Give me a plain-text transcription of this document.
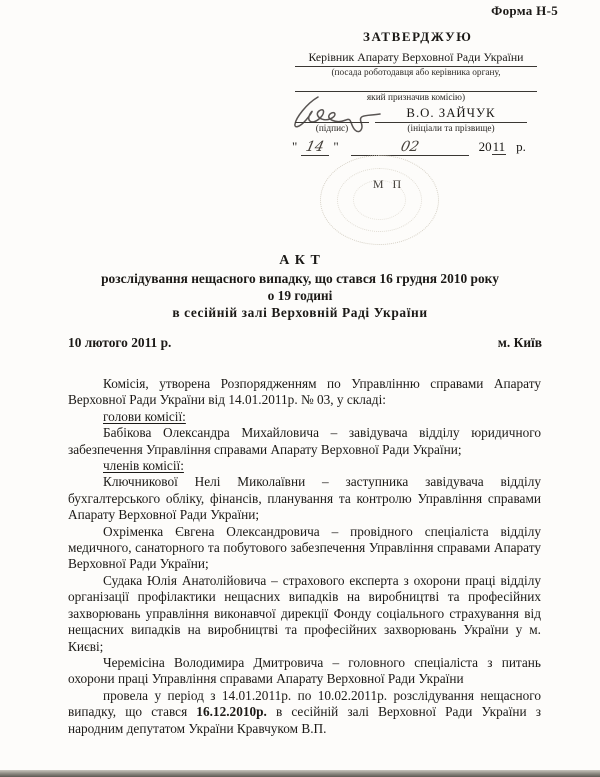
Форма Н-5
ЗАТВЕРДЖУЮ
Керівник Апарату Верховної Ради України
(посада роботодавця або керівника органу,
який призначив комісію)
В.О. ЗАЙЧУК
(підпис)	(ініціали та прізвище)
" 14 "	02	2011 р.
М П
А К Т
розслідування нещасного випадку, що стався 16 грудня 2010 року
о 19 годині
в сесійній залі Верховній Раді України
10 лютого 2011 р.	м. Київ

Комісія, утворена Розпорядженням по Управлінню справами Апарату Верховної Ради України від 14.01.2011р. № 03, у складі:

голови комісії:

Бабікова Олександра Михайловича – завідувача відділу юридичного забезпечення Управління справами Апарату Верховної Ради України;

членів комісії:

Ключникової Нелі Миколаївни – заступника завідувача відділу бухгалтерського обліку, фінансів, планування та контролю Управління справами Апарату Верховної Ради України;

Охріменка Євгена Олександровича – провідного спеціаліста відділу медичного, санаторного та побутового забезпечення Управління справами Апарату Верховної Ради України;

Судака Юлія Анатолійовича – страхового експерта з охорони праці відділу організації профілактики нещасних випадків на виробництві та професійних захворювань управління виконавчої дирекції Фонду соціального страхування від нещасних випадків на виробництві та професійних захворювань України у м. Києві;

Черемісіна Володимира Дмитровича – головного спеціаліста з питань охорони праці Управління справами Апарату Верховної Ради України

провела у період з 14.01.2011р. по 10.02.2011р. розслідування нещасного випадку, що стався 16.12.2010р. в сесійній залі Верховної Ради України з народним депутатом України Кравчуком В.П.
